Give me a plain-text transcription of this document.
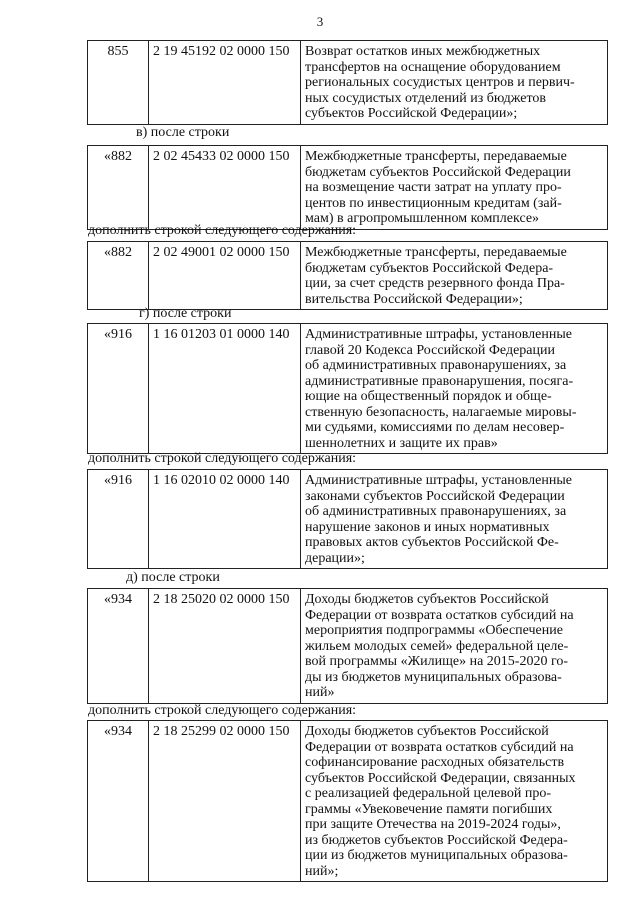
3
855	2 19 45192 02 0000 150	Возврат остатков иных межбюджетных

трансфертов на оснащение оборудованием

региональных сосудистых центров и первич-

ных сосудистых отделений из бюджетов

субъектов Российской Федерации»;

в) после строки
«882	2 02 45433 02 0000 150	Межбюджетные трансферты, передаваемые

бюджетам субъектов Российской Федерации

на возмещение части затрат на уплату про-

центов по инвестиционным кредитам (зай-

мам) в агропромышленном комплексе»

дополнить строкой следующего содержания:
«882	2 02 49001 02 0000 150	Межбюджетные трансферты, передаваемые

бюджетам субъектов Российской Федера-

ции, за счет средств резервного фонда Пра-

вительства Российской Федерации»;

г) после строки
«916	1 16 01203 01 0000 140	Административные штрафы, установленные

главой 20 Кодекса Российской Федерации

об административных правонарушениях, за

административные правонарушения, посяга-

ющие на общественный порядок и обще-

ственную безопасность, налагаемые мировы-

ми судьями, комиссиями по делам несовер-

шеннолетних и защите их прав»

дополнить строкой следующего содержания:
«916	1 16 02010 02 0000 140	Административные штрафы, установленные

законами субъектов Российской Федерации

об административных правонарушениях, за

нарушение законов и иных нормативных

правовых актов субъектов Российской Фе-

дерации»;

д) после строки
«934	2 18 25020 02 0000 150	Доходы бюджетов субъектов Российской

Федерации от возврата остатков субсидий на

мероприятия подпрограммы «Обеспечение

жильем молодых семей» федеральной целе-

вой программы «Жилище» на 2015-2020 го-

ды из бюджетов муниципальных образова-

ний»

дополнить строкой следующего содержания:
«934	2 18 25299 02 0000 150	Доходы бюджетов субъектов Российской

Федерации от возврата остатков субсидий на

софинансирование расходных обязательств

субъектов Российской Федерации, связанных

с реализацией федеральной целевой про-

граммы «Увековечение памяти погибших

при защите Отечества на 2019-2024 годы»,

из бюджетов субъектов Российской Федера-

ции из бюджетов муниципальных образова-

ний»;
